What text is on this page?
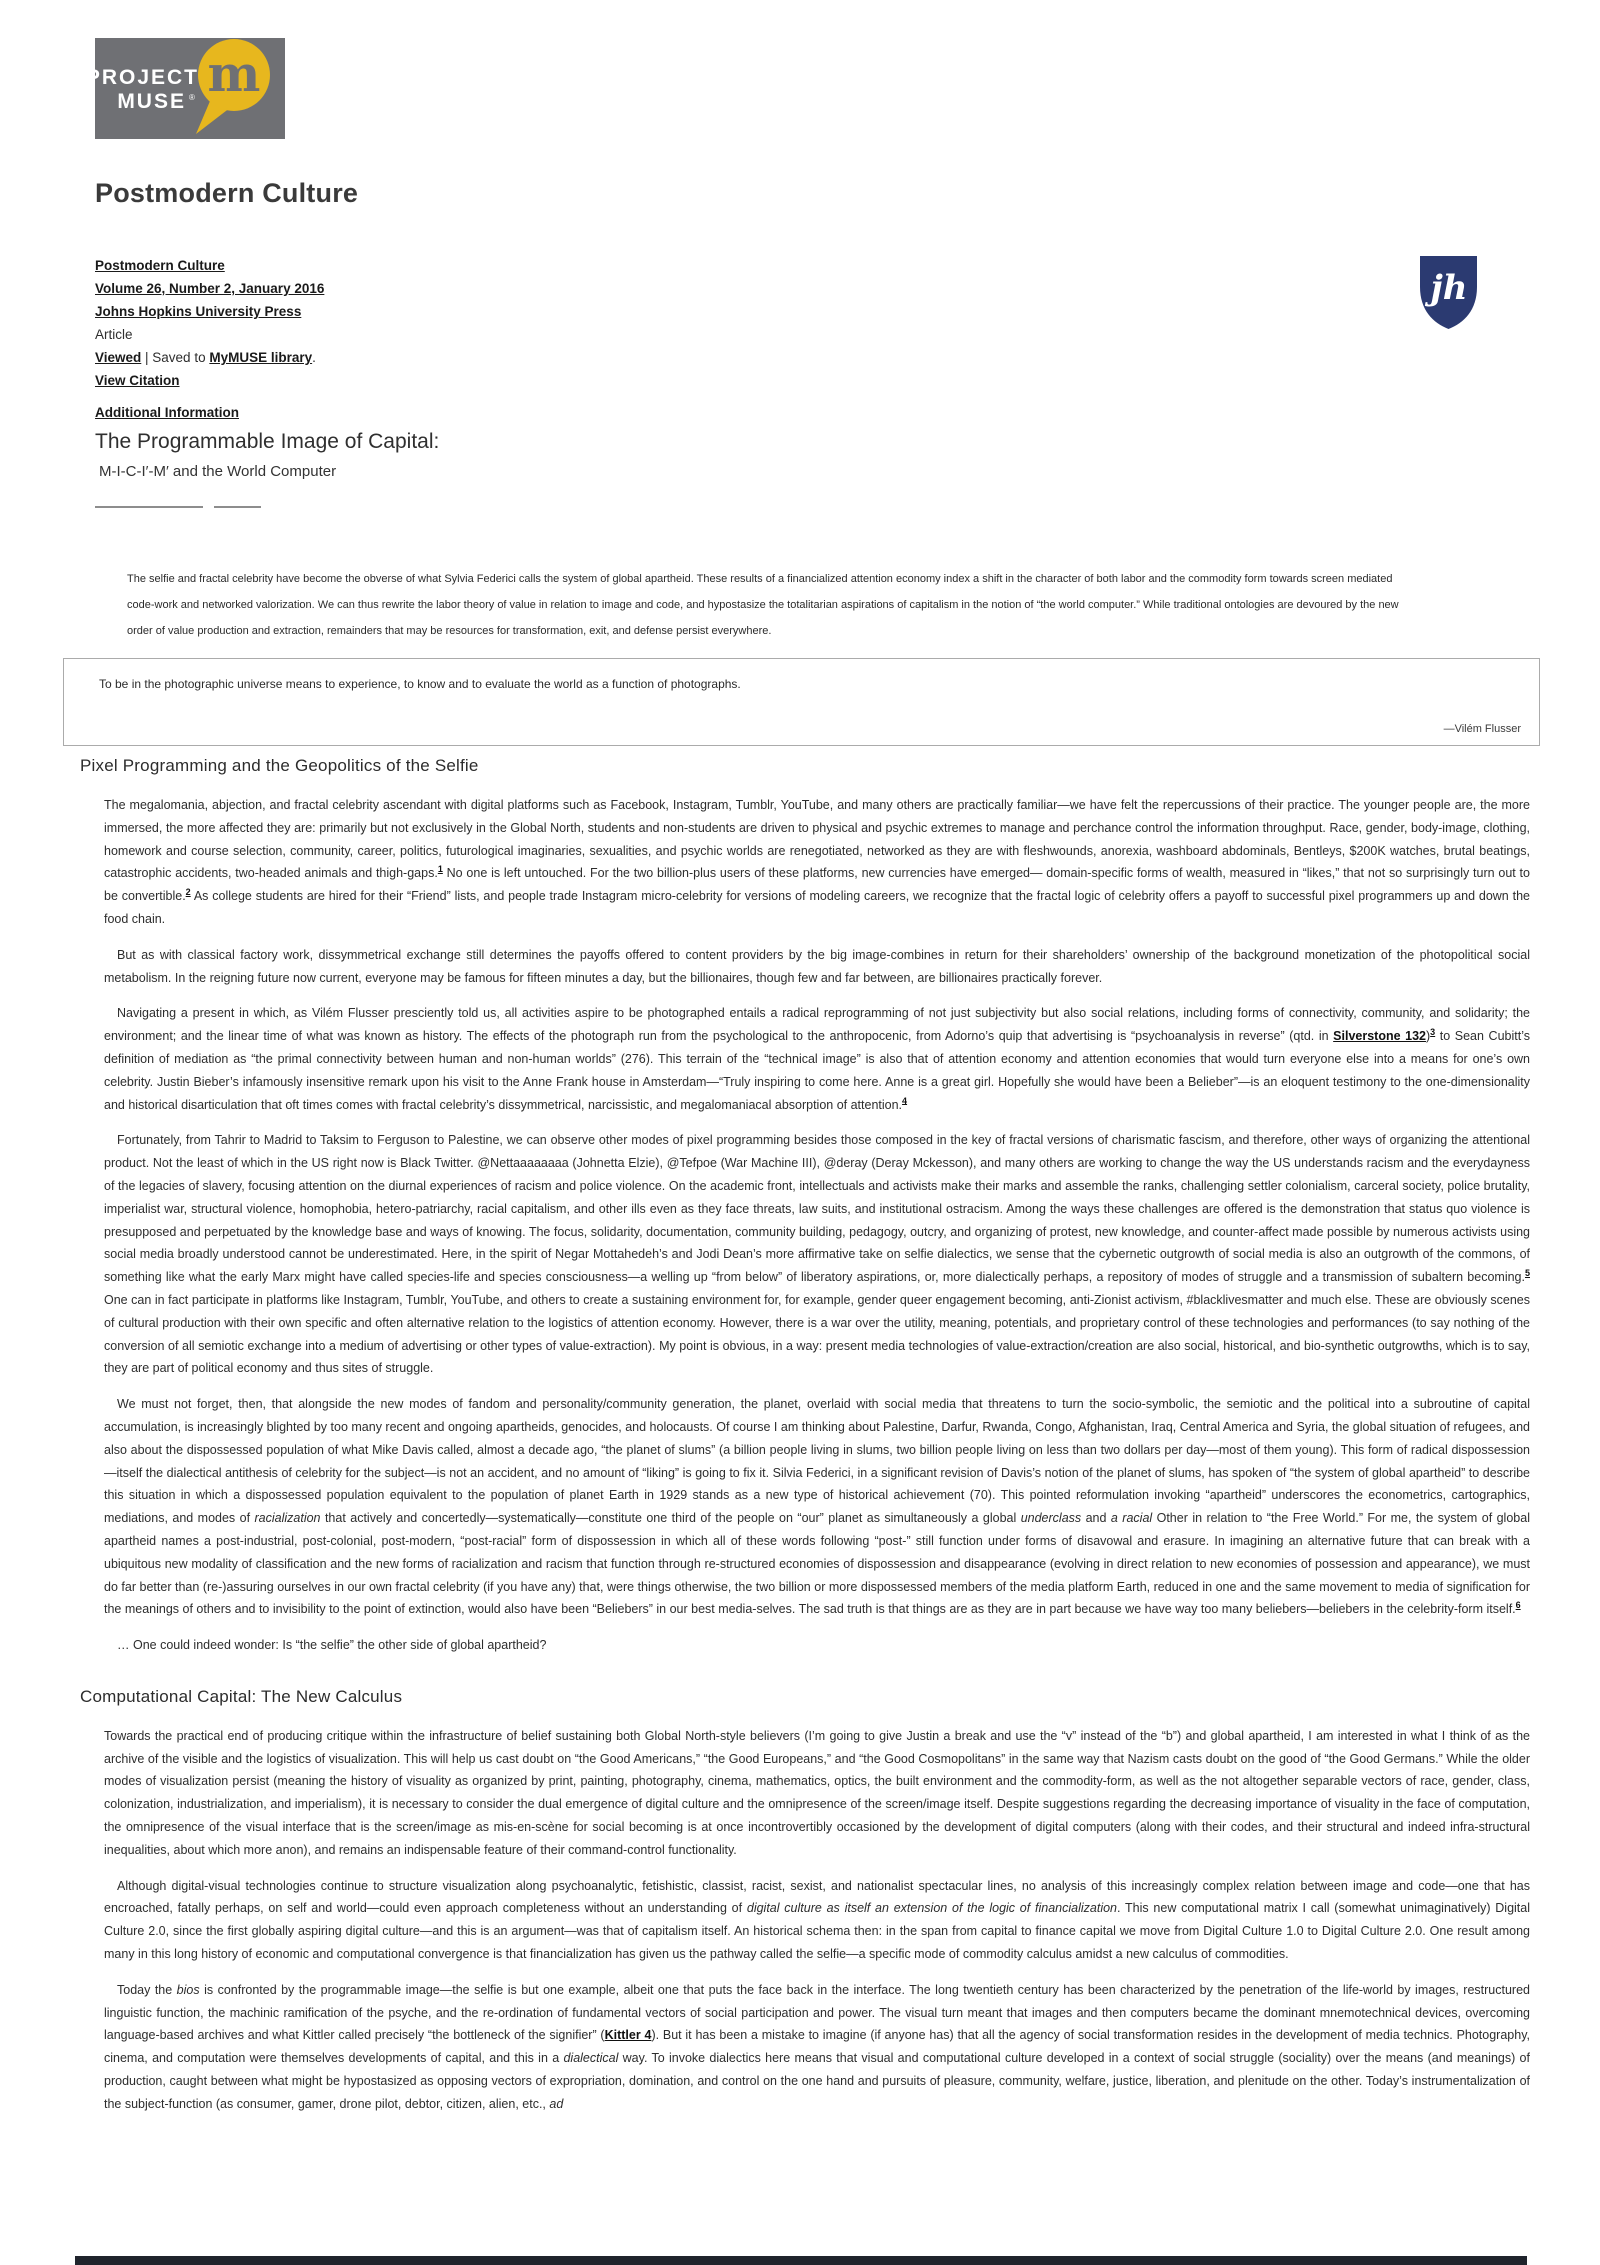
PROJECT
MUSE ® m
jh
Postmodern Culture
Postmodern Culture
Volume 26, Number 2, January 2016
Johns Hopkins University Press
Article
Viewed | Saved to MyMUSE library.
View Citation
Additional Information
The Programmable Image of Capital:
M-I-C-I′-M′ and the World Computer
The selfie and fractal celebrity have become the obverse of what Sylvia Federici calls the system of global apartheid. These results of a financialized attention economy index a shift in the character of both labor and the commodity form towards screen mediated code-work and networked valorization. We can thus rewrite the labor theory of value in relation to image and code, and hypostasize the totalitarian aspirations of capitalism in the notion of “the world computer.” While traditional ontologies are devoured by the new order of value production and extraction, remainders that may be resources for transformation, exit, and defense persist everywhere.
To be in the photographic universe means to experience, to know and to evaluate the world as a function of photographs.
—Vilém Flusser
Pixel Programming and the Geopolitics of the Selfie

The megalomania, abjection, and fractal celebrity ascendant with digital platforms such as Facebook, Instagram, Tumblr, YouTube, and many others are practically familiar—we have felt the repercussions of their practice. The younger people are, the more immersed, the more affected they are: primarily but not exclusively in the Global North, students and non-students are driven to physical and psychic extremes to manage and perchance control the information throughput. Race, gender, body-image, clothing, homework and course selection, community, career, politics, futurological imaginaries, sexualities, and psychic worlds are renegotiated, networked as they are with fleshwounds, anorexia, washboard abdominals, Bentleys, $200K watches, brutal beatings, catastrophic accidents, two-headed animals and thigh-gaps.$^1$ No one is left untouched. For the two billion-plus users of these platforms, new currencies have emerged— domain-specific forms of wealth, measured in “likes,” that not so surprisingly turn out to be convertible.$^2$ As college students are hired for their “Friend” lists, and people trade Instagram micro-celebrity for versions of modeling careers, we recognize that the fractal logic of celebrity offers a payoff to successful pixel programmers up and down the food chain.

But as with classical factory work, dissymmetrical exchange still determines the payoffs offered to content providers by the big image-combines in return for their shareholders’ ownership of the background monetization of the photopolitical social metabolism. In the reigning future now current, everyone may be famous for fifteen minutes a day, but the billionaires, though few and far between, are billionaires practically forever.

Navigating a present in which, as Vilém Flusser presciently told us, all activities aspire to be photographed entails a radical reprogramming of not just subjectivity but also social relations, including forms of connectivity, community, and solidarity; the environment; and the linear time of what was known as history. The effects of the photograph run from the psychological to the anthropocenic, from Adorno’s quip that advertising is “psychoanalysis in reverse” (qtd. in Silverstone 132)$^3$ to Sean Cubitt’s definition of mediation as “the primal connectivity between human and non-human worlds” (276). This terrain of the “technical image” is also that of attention economy and attention economies that would turn everyone else into a means for one’s own celebrity. Justin Bieber’s infamously insensitive remark upon his visit to the Anne Frank house in Amsterdam—“Truly inspiring to come here. Anne is a great girl. Hopefully she would have been a Belieber”—is an eloquent testimony to the one-dimensionality and historical disarticulation that oft times comes with fractal celebrity’s dissymmetrical, narcissistic, and megalomaniacal absorption of attention.$^4$

Fortunately, from Tahrir to Madrid to Taksim to Ferguson to Palestine, we can observe other modes of pixel programming besides those composed in the key of fractal versions of charismatic fascism, and therefore, other ways of organizing the attentional product. Not the least of which in the US right now is Black Twitter. @Nettaaaaaaaa (Johnetta Elzie), @Tefpoe (War Machine III), @deray (Deray Mckesson), and many others are working to change the way the US understands racism and the everydayness of the legacies of slavery, focusing attention on the diurnal experiences of racism and police violence. On the academic front, intellectuals and activists make their marks and assemble the ranks, challenging settler colonialism, carceral society, police brutality, imperialist war, structural violence, homophobia, hetero-patriarchy, racial capitalism, and other ills even as they face threats, law suits, and institutional ostracism. Among the ways these challenges are offered is the demonstration that status quo violence is presupposed and perpetuated by the knowledge base and ways of knowing. The focus, solidarity, documentation, community building, pedagogy, outcry, and organizing of protest, new knowledge, and counter-affect made possible by numerous activists using social media broadly understood cannot be underestimated. Here, in the spirit of Negar Mottahedeh’s and Jodi Dean’s more affirmative take on selfie dialectics, we sense that the cybernetic outgrowth of social media is also an outgrowth of the commons, of something like what the early Marx might have called species-life and species consciousness—a welling up “from below” of liberatory aspirations, or, more dialectically perhaps, a repository of modes of struggle and a transmission of subaltern becoming.$^5$ One can in fact participate in platforms like Instagram, Tumblr, YouTube, and others to create a sustaining environment for, for example, gender queer engagement becoming, anti-Zionist activism, #blacklivesmatter and much else. These are obviously scenes of cultural production with their own specific and often alternative relation to the logistics of attention economy. However, there is a war over the utility, meaning, potentials, and proprietary control of these technologies and performances (to say nothing of the conversion of all semiotic exchange into a medium of advertising or other types of value-extraction). My point is obvious, in a way: present media technologies of value-extraction/creation are also social, historical, and bio-synthetic outgrowths, which is to say, they are part of political economy and thus sites of struggle.

We must not forget, then, that alongside the new modes of fandom and personality/community generation, the planet, overlaid with social media that threatens to turn the socio-symbolic, the semiotic and the political into a subroutine of capital accumulation, is increasingly blighted by too many recent and ongoing apartheids, genocides, and holocausts. Of course I am thinking about Palestine, Darfur, Rwanda, Congo, Afghanistan, Iraq, Central America and Syria, the global situation of refugees, and also about the dispossessed population of what Mike Davis called, almost a decade ago, “the planet of slums” (a billion people living in slums, two billion people living on less than two dollars per day—most of them young). This form of radical dispossession—itself the dialectical antithesis of celebrity for the subject—is not an accident, and no amount of “liking” is going to fix it. Silvia Federici, in a significant revision of Davis’s notion of the planet of slums, has spoken of “the system of global apartheid” to describe this situation in which a dispossessed population equivalent to the population of planet Earth in 1929 stands as a new type of historical achievement (70). This pointed reformulation invoking “apartheid” underscores the econometrics, cartographics, mediations, and modes of racialization that actively and concertedly—systematically—constitute one third of the people on “our” planet as simultaneously a global underclass and a racial Other in relation to “the Free World.” For me, the system of global apartheid names a post-industrial, post-colonial, post-modern, “post-racial” form of dispossession in which all of these words following “post-” still function under forms of disavowal and erasure. In imagining an alternative future that can break with a ubiquitous new modality of classification and the new forms of racialization and racism that function through re-structured economies of dispossession and disappearance (evolving in direct relation to new economies of possession and appearance), we must do far better than (re-)assuring ourselves in our own fractal celebrity (if you have any) that, were things otherwise, the two billion or more dispossessed members of the media platform Earth, reduced in one and the same movement to media of signification for the meanings of others and to invisibility to the point of extinction, would also have been “Beliebers” in our best media-selves. The sad truth is that things are as they are in part because we have way too many beliebers—beliebers in the celebrity-form itself.$^6$

… One could indeed wonder: Is “the selfie” the other side of global apartheid?

Computational Capital: The New Calculus

Towards the practical end of producing critique within the infrastructure of belief sustaining both Global North-style believers (I’m going to give Justin a break and use the “v” instead of the “b”) and global apartheid, I am interested in what I think of as the archive of the visible and the logistics of visualization. This will help us cast doubt on “the Good Americans,” “the Good Europeans,” and “the Good Cosmopolitans” in the same way that Nazism casts doubt on the good of “the Good Germans.” While the older modes of visualization persist (meaning the history of visuality as organized by print, painting, photography, cinema, mathematics, optics, the built environment and the commodity-form, as well as the not altogether separable vectors of race, gender, class, colonization, industrialization, and imperialism), it is necessary to consider the dual emergence of digital culture and the omnipresence of the screen/image itself. Despite suggestions regarding the decreasing importance of visuality in the face of computation, the omnipresence of the visual interface that is the screen/image as mis-en-scène for social becoming is at once incontrovertibly occasioned by the development of digital computers (along with their codes, and their structural and indeed infra-structural inequalities, about which more anon), and remains an indispensable feature of their command-control functionality.

Although digital-visual technologies continue to structure visualization along psychoanalytic, fetishistic, classist, racist, sexist, and nationalist spectacular lines, no analysis of this increasingly complex relation between image and code—one that has encroached, fatally perhaps, on self and world—could even approach completeness without an understanding of digital culture as itself an extension of the logic of financialization. This new computational matrix I call (somewhat unimaginatively) Digital Culture 2.0, since the first globally aspiring digital culture—and this is an argument—was that of capitalism itself. An historical schema then: in the span from capital to finance capital we move from Digital Culture 1.0 to Digital Culture 2.0. One result among many in this long history of economic and computational convergence is that financialization has given us the pathway called the selfie—a specific mode of commodity calculus amidst a new calculus of commodities.

Today the bios is confronted by the programmable image—the selfie is but one example, albeit one that puts the face back in the interface. The long twentieth century has been characterized by the penetration of the life-world by images, restructured linguistic function, the machinic ramification of the psyche, and the re-ordination of fundamental vectors of social participation and power. The visual turn meant that images and then computers became the dominant mnemotechnical devices, overcoming language-based archives and what Kittler called precisely “the bottleneck of the signifier” (Kittler 4). But it has been a mistake to imagine (if anyone has) that all the agency of social transformation resides in the development of media technics. Photography, cinema, and computation were themselves developments of capital, and this in a dialectical way. To invoke dialectics here means that visual and computational culture developed in a context of social struggle (sociality) over the means (and meanings) of production, caught between what might be hypostasized as opposing vectors of expropriation, domination, and control on the one hand and pursuits of pleasure, community, welfare, justice, liberation, and plenitude on the other. Today’s instrumentalization of the subject-function (as consumer, gamer, drone pilot, debtor, citizen, alien, etc., ad
